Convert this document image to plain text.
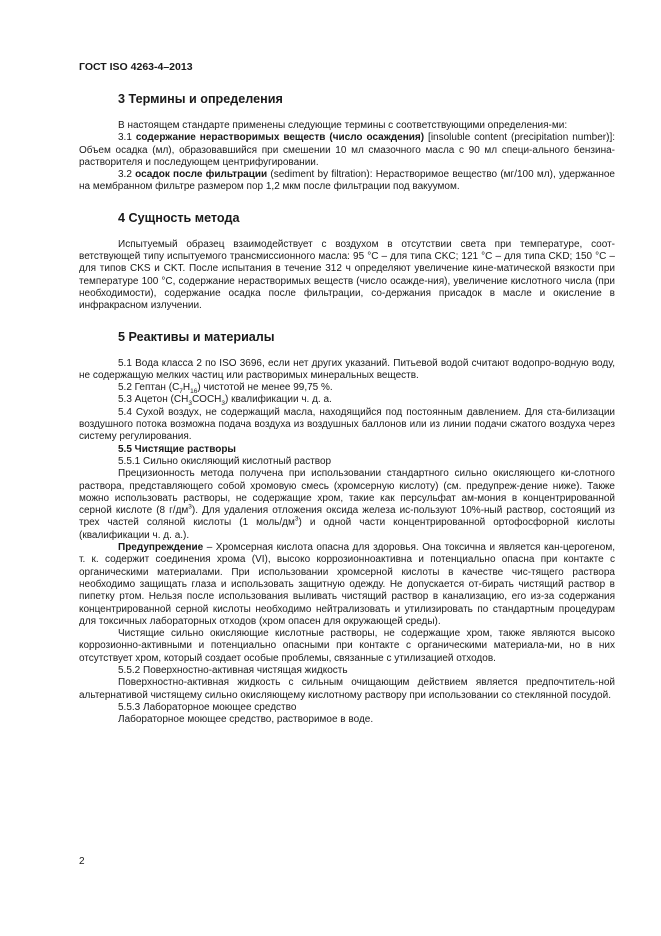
ГОСТ ISO 4263-4–2013
3 Термины и определения
В настоящем стандарте применены следующие термины с соответствующими определения-ми:
3.1 содержание нерастворимых веществ (число осаждения) [insoluble content (precipitation number)]: Объем осадка (мл), образовавшийся при смешении 10 мл смазочного масла с 90 мл специ-ального бензина-растворителя и последующем центрифугировании.
3.2 осадок после фильтрации (sediment by filtration): Нерастворимое вещество (мг/100 мл), удержанное на мембранном фильтре размером пор 1,2 мкм после фильтрации под вакуумом.
4 Сущность метода
Испытуемый образец взаимодействует с воздухом в отсутствии света при температуре, соот-ветствующей типу испытуемого трансмиссионного масла: 95 °C – для типа CKC; 121 °C – для типа CKD; 150 °C – для типов CKS и CKT. После испытания в течение 312 ч определяют увеличение кине-матической вязкости при температуре 100 °C, содержание нерастворимых веществ (число осажде-ния), увеличение кислотного числа (при необходимости), содержание осадка после фильтрации, со-держания присадок в масле и окисление в инфракрасном излучении.
5 Реактивы и материалы
5.1 Вода класса 2 по ISO 3696, если нет других указаний. Питьевой водой считают водопро-водную воду, не содержащую мелких частиц или растворимых минеральных веществ.
5.2 Гептан $(C_7H_{16})$ чистотой не менее 99,75 %.
5.3 Ацетон $(CH_3COCH_3)$ квалификации ч. д. а.
5.4 Сухой воздух, не содержащий масла, находящийся под постоянным давлением. Для ста-билизации воздушного потока возможна подача воздуха из воздушных баллонов или из линии подачи сжатого воздуха через систему регулирования.
5.5 Чистящие растворы
5.5.1 Сильно окисляющий кислотный раствор
Прецизионность метода получена при использовании стандартного сильно окисляющего ки-слотного раствора, представляющего собой хромовую смесь (хромсерную кислоту) (см. предупреж-дение ниже). Также можно использовать растворы, не содержащие хром, такие как персульфат ам-мония в концентрированной серной кислоте (8 $г/дм^3$). Для удаления отложения оксида железа ис-пользуют 10%-ный раствор, состоящий из трех частей соляной кислоты (1 моль/$дм^3$) и одной части концентрированной ортофосфорной кислоты (квалификации ч. д. а.).
Предупреждение – Хромсерная кислота опасна для здоровья. Она токсична и является кан-церогеном, т. к. содержит соединения хрома (VI), высоко коррозионноактивна и потенциально опасна при контакте с органическими материалами. При использовании хромсерной кислоты в качестве чис-тящего раствора необходимо защищать глаза и использовать защитную одежду. Не допускается от-бирать чистящий раствор в пипетку ртом. Нельзя после использования выливать чистящий раствор в канализацию, его из-за содержания концентрированной серной кислоты необходимо нейтрализовать и утилизировать по стандартным процедурам для токсичных лабораторных отходов (хром опасен для окружающей среды).
Чистящие сильно окисляющие кислотные растворы, не содержащие хром, также являются высоко коррозионно-активными и потенциально опасными при контакте с органическими материала-ми, но в них отсутствует хром, который создает особые проблемы, связанные с утилизацией отходов.
5.5.2 Поверхностно-активная чистящая жидкость
Поверхностно-активная жидкость с сильным очищающим действием является предпочтитель-ной альтернативой чистящему сильно окисляющему кислотному раствору при использовании со стеклянной посудой.
5.5.3 Лабораторное моющее средство
Лабораторное моющее средство, растворимое в воде.
2
